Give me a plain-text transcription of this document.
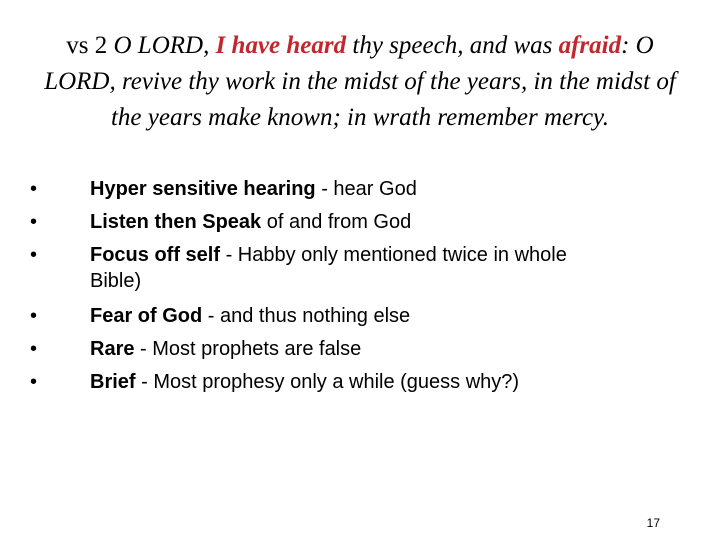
vs 2 O LORD, I have heard thy speech, and was afraid: O LORD, revive thy work in the midst of the years, in the midst of the years make known; in wrath remember mercy.

•	Hyper sensitive hearing - hear God
•	Listen then Speak of and from God
•	Focus off self - Habby only mentioned twice in whole
Bible)
•	Fear of God - and thus nothing else
•	Rare - Most prophets are false
•	Brief - Most prophesy only a while (guess why?)
17
